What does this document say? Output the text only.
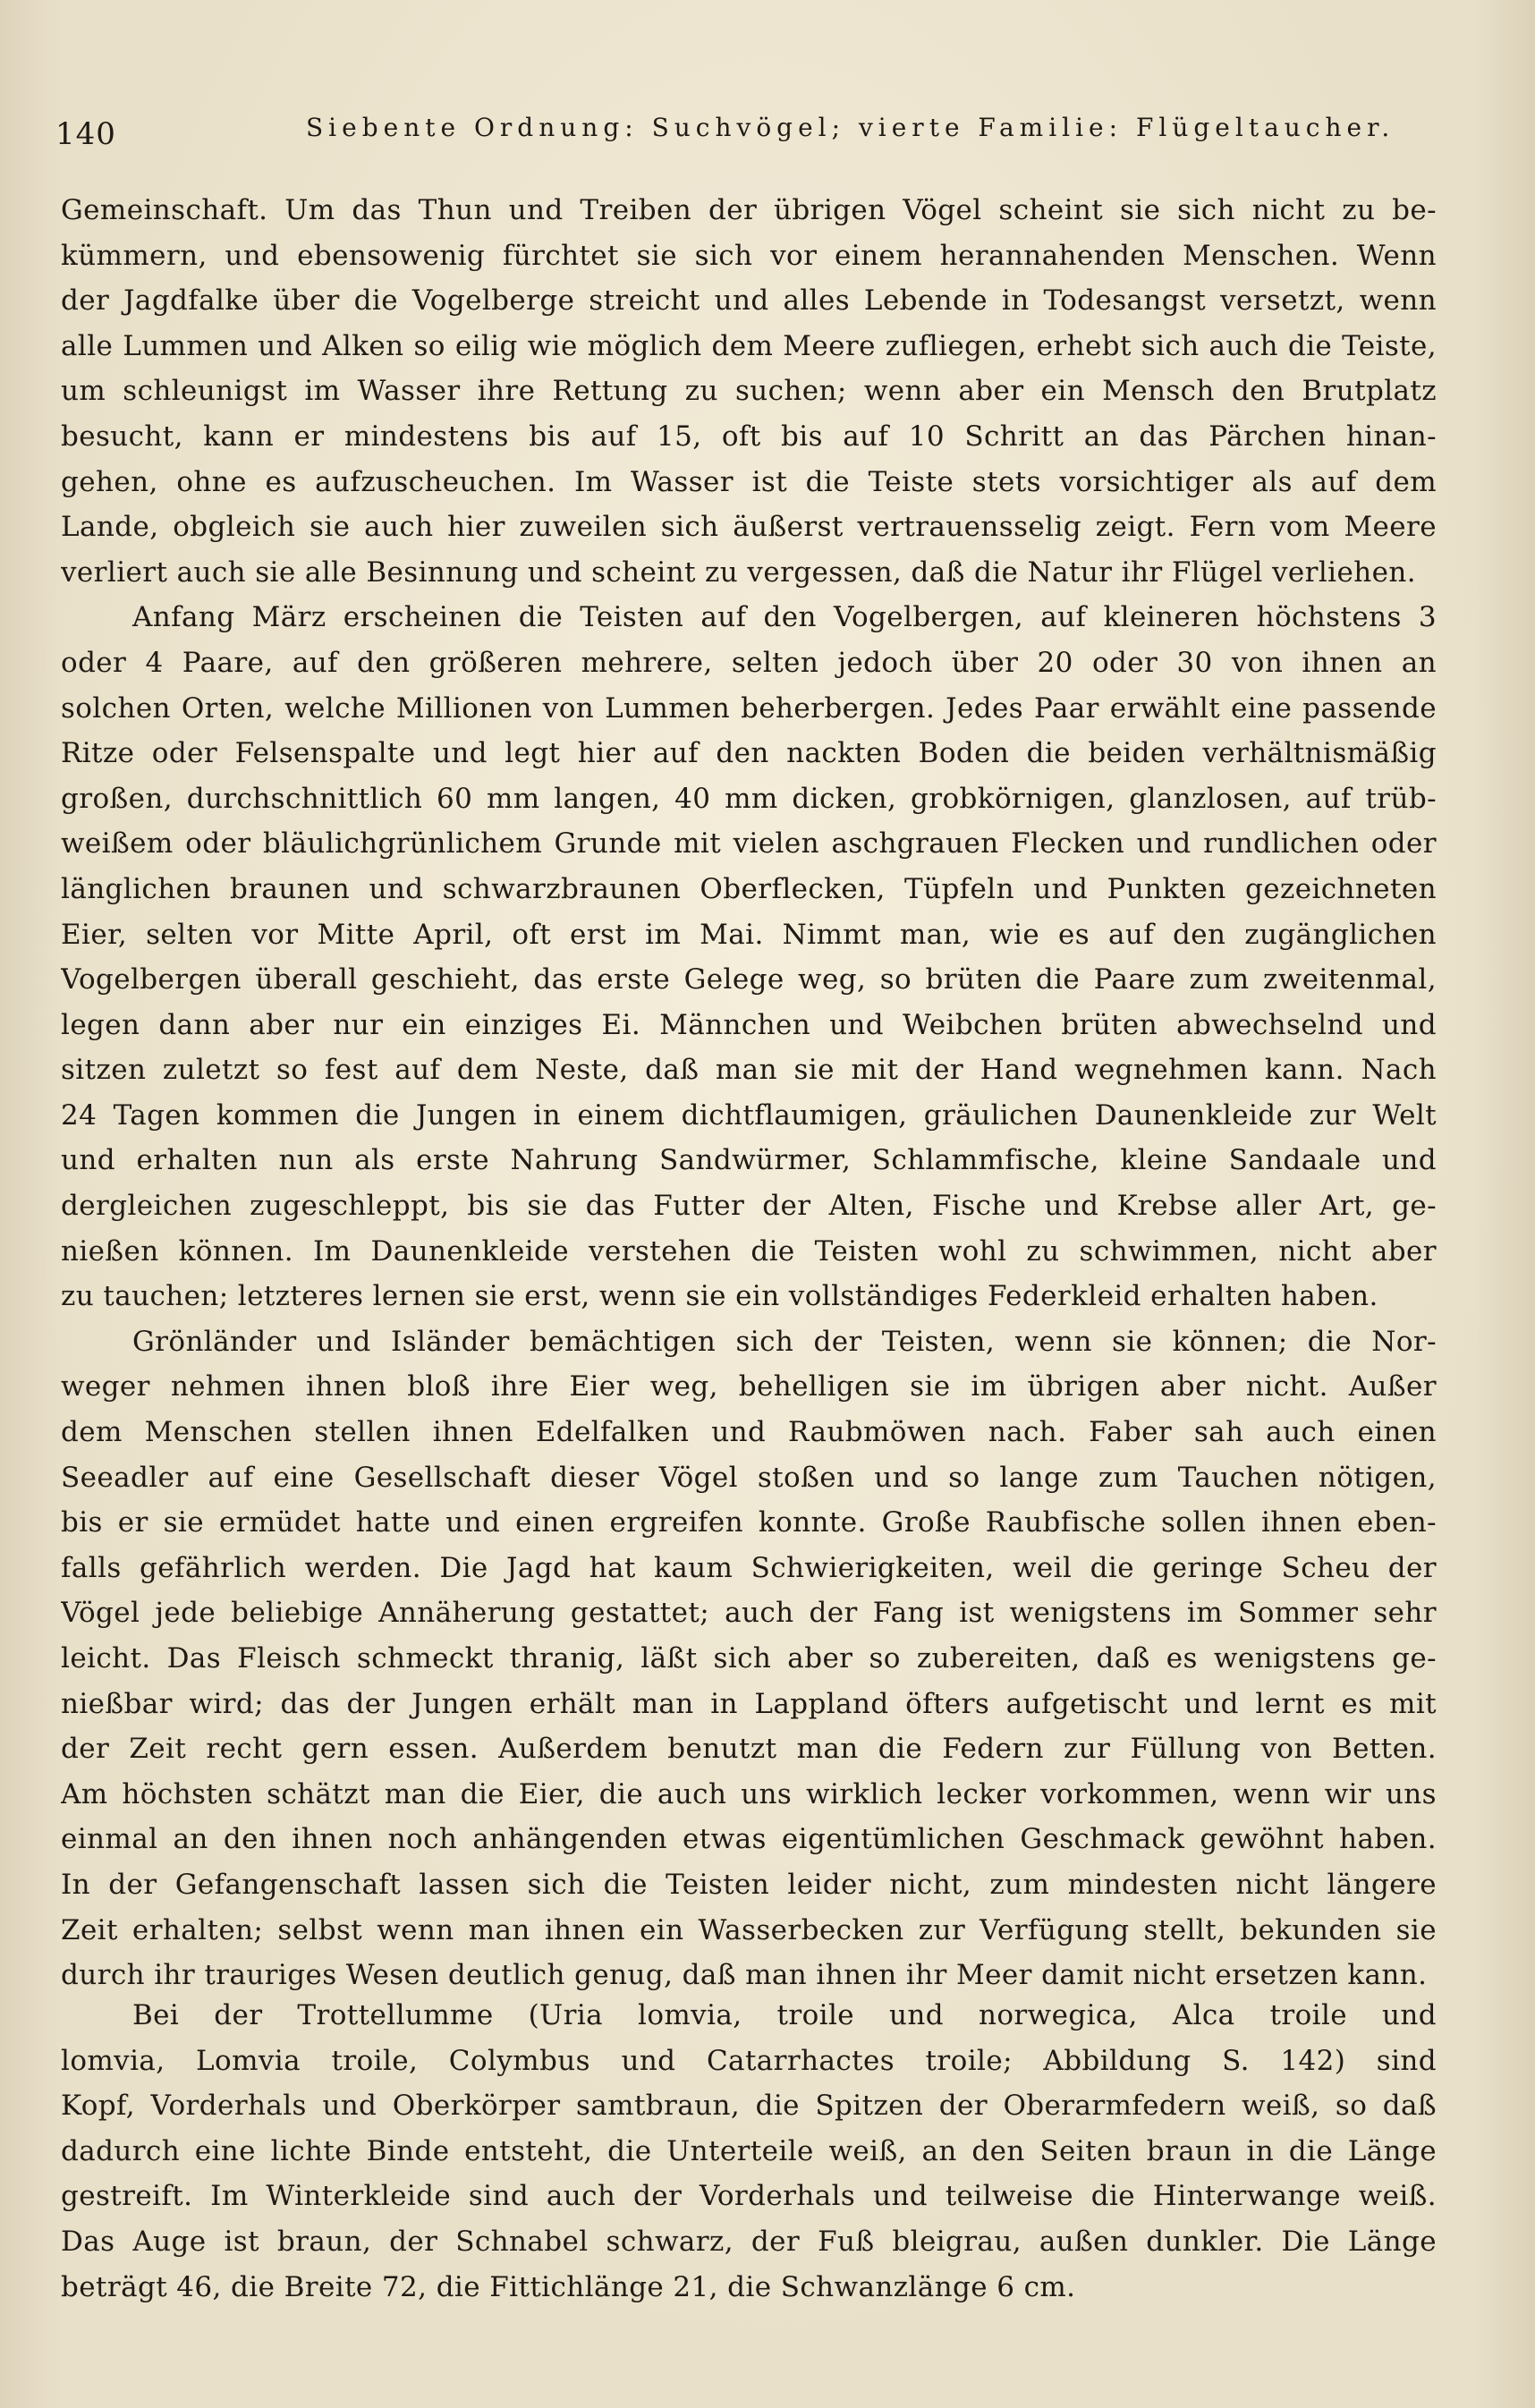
140	Siebente Ordnung: Suchvögel; vierte Familie: Flügeltaucher.
Gemeinschaft. Um das Thun und Treiben der übrigen Vögel scheint sie sich nicht zu be-
kümmern, und ebensowenig fürchtet sie sich vor einem herannahenden Menschen. Wenn
der Jagdfalke über die Vogelberge streicht und alles Lebende in Todesangst versetzt, wenn
alle Lummen und Alken so eilig wie möglich dem Meere zufliegen, erhebt sich auch die Teiste,
um schleunigst im Wasser ihre Rettung zu suchen; wenn aber ein Mensch den Brutplatz
besucht, kann er mindestens bis auf 15, oft bis auf 10 Schritt an das Pärchen hinan-
gehen, ohne es aufzuscheuchen. Im Wasser ist die Teiste stets vorsichtiger als auf dem
Lande, obgleich sie auch hier zuweilen sich äußerst vertrauensselig zeigt. Fern vom Meere
verliert auch sie alle Besinnung und scheint zu vergessen, daß die Natur ihr Flügel verliehen.
Anfang März erscheinen die Teisten auf den Vogelbergen, auf kleineren höchstens 3
oder 4 Paare, auf den größeren mehrere, selten jedoch über 20 oder 30 von ihnen an
solchen Orten, welche Millionen von Lummen beherbergen. Jedes Paar erwählt eine passende
Ritze oder Felsenspalte und legt hier auf den nackten Boden die beiden verhältnismäßig
großen, durchschnittlich 60 mm langen, 40 mm dicken, grobkörnigen, glanzlosen, auf trüb-
weißem oder bläulichgrünlichem Grunde mit vielen aschgrauen Flecken und rundlichen oder
länglichen braunen und schwarzbraunen Oberflecken, Tüpfeln und Punkten gezeichneten
Eier, selten vor Mitte April, oft erst im Mai. Nimmt man, wie es auf den zugänglichen
Vogelbergen überall geschieht, das erste Gelege weg, so brüten die Paare zum zweitenmal,
legen dann aber nur ein einziges Ei. Männchen und Weibchen brüten abwechselnd und
sitzen zuletzt so fest auf dem Neste, daß man sie mit der Hand wegnehmen kann. Nach
24 Tagen kommen die Jungen in einem dichtflaumigen, gräulichen Daunenkleide zur Welt
und erhalten nun als erste Nahrung Sandwürmer, Schlammfische, kleine Sandaale und
dergleichen zugeschleppt, bis sie das Futter der Alten, Fische und Krebse aller Art, ge-
nießen können. Im Daunenkleide verstehen die Teisten wohl zu schwimmen, nicht aber
zu tauchen; letzteres lernen sie erst, wenn sie ein vollständiges Federkleid erhalten haben.
Grönländer und Isländer bemächtigen sich der Teisten, wenn sie können; die Nor-
weger nehmen ihnen bloß ihre Eier weg, behelligen sie im übrigen aber nicht. Außer
dem Menschen stellen ihnen Edelfalken und Raubmöwen nach. Faber sah auch einen
Seeadler auf eine Gesellschaft dieser Vögel stoßen und so lange zum Tauchen nötigen,
bis er sie ermüdet hatte und einen ergreifen konnte. Große Raubfische sollen ihnen eben-
falls gefährlich werden. Die Jagd hat kaum Schwierigkeiten, weil die geringe Scheu der
Vögel jede beliebige Annäherung gestattet; auch der Fang ist wenigstens im Sommer sehr
leicht. Das Fleisch schmeckt thranig, läßt sich aber so zubereiten, daß es wenigstens ge-
nießbar wird; das der Jungen erhält man in Lappland öfters aufgetischt und lernt es mit
der Zeit recht gern essen. Außerdem benutzt man die Federn zur Füllung von Betten.
Am höchsten schätzt man die Eier, die auch uns wirklich lecker vorkommen, wenn wir uns
einmal an den ihnen noch anhängenden etwas eigentümlichen Geschmack gewöhnt haben.
In der Gefangenschaft lassen sich die Teisten leider nicht, zum mindesten nicht längere
Zeit erhalten; selbst wenn man ihnen ein Wasserbecken zur Verfügung stellt, bekunden sie
durch ihr trauriges Wesen deutlich genug, daß man ihnen ihr Meer damit nicht ersetzen kann.
Bei der Trottellumme (Uria lomvia, troile und norwegica, Alca troile und
lomvia, Lomvia troile, Colymbus und Catarrhactes troile; Abbildung S. 142) sind
Kopf, Vorderhals und Oberkörper samtbraun, die Spitzen der Oberarmfedern weiß, so daß
dadurch eine lichte Binde entsteht, die Unterteile weiß, an den Seiten braun in die Länge
gestreift. Im Winterkleide sind auch der Vorderhals und teilweise die Hinterwange weiß.
Das Auge ist braun, der Schnabel schwarz, der Fuß bleigrau, außen dunkler. Die Länge
beträgt 46, die Breite 72, die Fittichlänge 21, die Schwanzlänge 6 cm.
